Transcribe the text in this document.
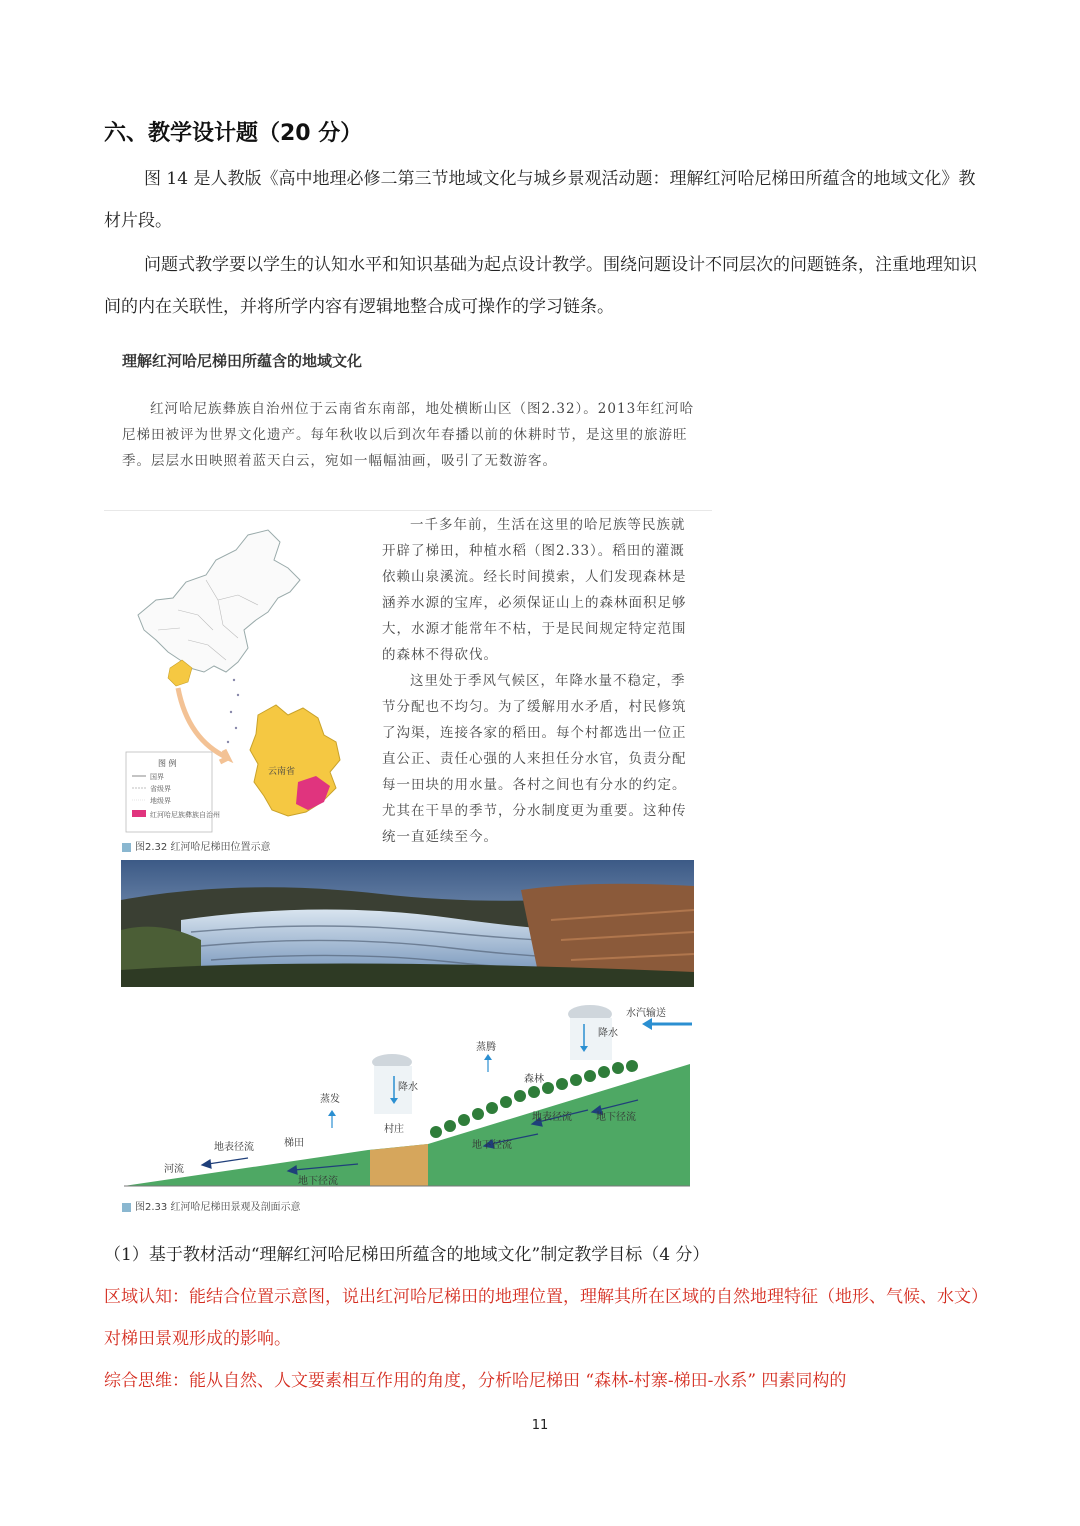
六、教学设计题（20 分）
图 14 是人教版《高中地理必修二第三节地域文化与城乡景观活动题：理解红河哈尼梯田所蕴含的地域文化》教材片段。
问题式教学要以学生的认知水平和知识基础为起点设计教学。围绕问题设计不同层次的问题链条，注重地理知识间的内在关联性，并将所学内容有逻辑地整合成可操作的学习链条。
理解红河哈尼梯田所蕴含的地域文化
红河哈尼族彝族自治州位于云南省东南部，地处横断山区（图2.32）。2013年红河哈尼梯田被评为世界文化遗产。每年秋收以后到次年春播以前的休耕时节，是这里的旅游旺季。层层水田映照着蓝天白云，宛如一幅幅油画，吸引了无数游客。
一千多年前，生活在这里的哈尼族等民族就开辟了梯田，种植水稻（图2.33）。稻田的灌溉依赖山泉溪流。经长时间摸索，人们发现森林是涵养水源的宝库，必须保证山上的森林面积足够大，水源才能常年不枯，于是民间规定特定范围的森林不得砍伐。
这里处于季风气候区，年降水量不稳定，季节分配也不均匀。为了缓解用水矛盾，村民修筑了沟渠，连接各家的稻田。每个村都选出一位正直公正、责任心强的人来担任分水官，负责分配每一田块的用水量。各村之间也有分水的约定。尤其在干旱的季节，分水制度更为重要。这种传统一直延续至今。
云南省
图 例
国界
省级界
地级界
红河哈尼族彝族自治州
图2.32 红河哈尼梯田位置示意
水汽输送
降水
降水
蒸腾
蒸发
森林
地表径流 地下径流
地下径流
村庄
梯田
地表径流
河流
地下径流
图2.33 红河哈尼梯田景观及剖面示意
（1）基于教材活动“理解红河哈尼梯田所蕴含的地域文化”制定教学目标（4 分）
区域认知：能结合位置示意图，说出红河哈尼梯田的地理位置，理解其所在区域的自然地理特征（地形、气候、水文）对梯田景观形成的影响。
综合思维：能从自然、人文要素相互作用的角度，分析哈尼梯田 “森林-村寨-梯田-水系” 四素同构的
11
